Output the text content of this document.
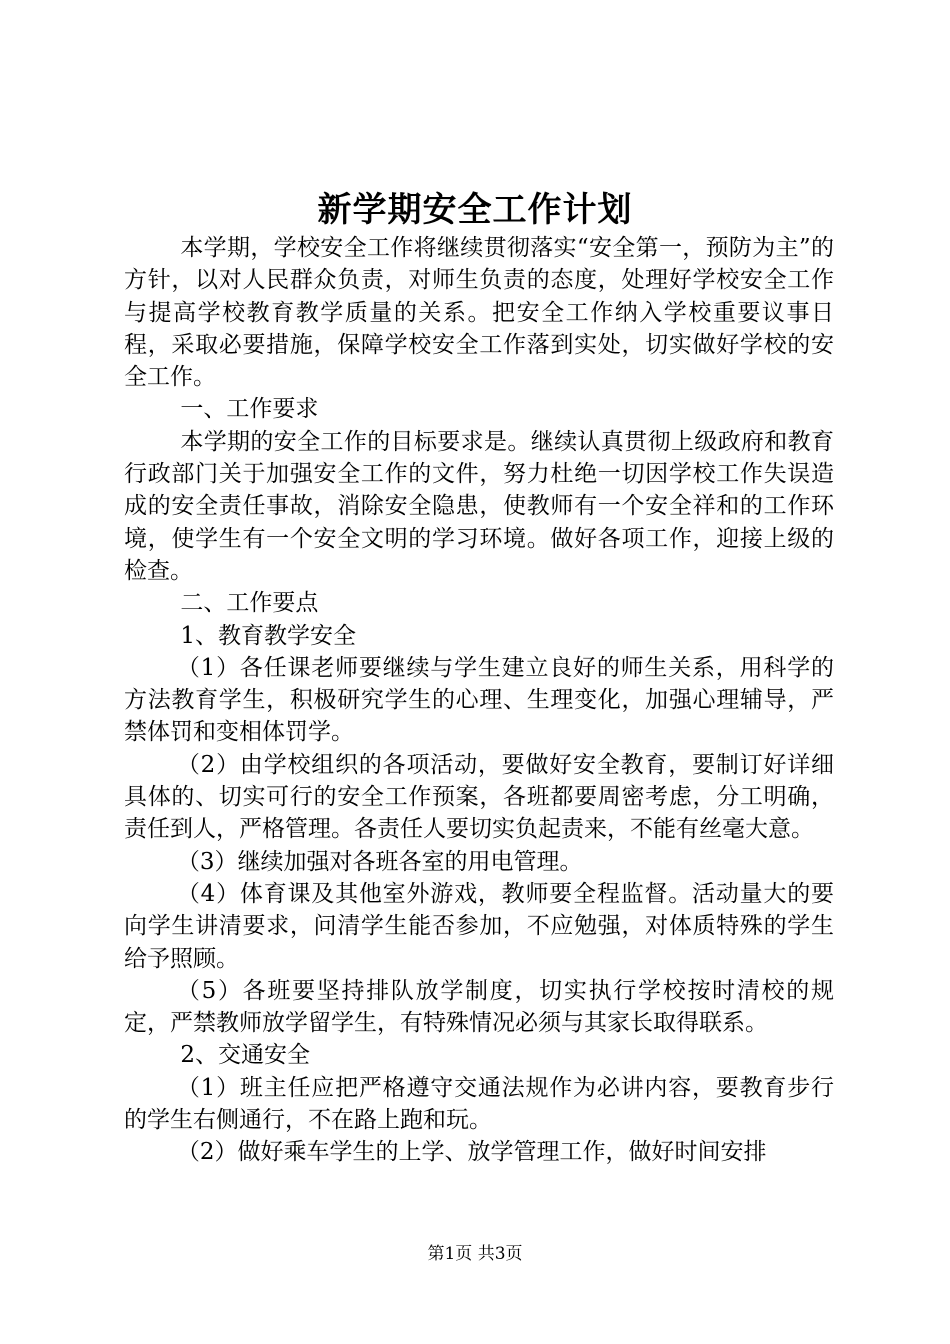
新学期安全工作计划

本学期，学校安全工作将继续贯彻落实“安全第一，预防为主”的方针，以对人民群众负责，对师生负责的态度，处理好学校安全工作与提高学校教育教学质量的关系。把安全工作纳入学校重要议事日程，采取必要措施，保障学校安全工作落到实处，切实做好学校的安全工作。

一、工作要求

本学期的安全工作的目标要求是。继续认真贯彻上级政府和教育行政部门关于加强安全工作的文件，努力杜绝一切因学校工作失误造成的安全责任事故，消除安全隐患，使教师有一个安全祥和的工作环境，使学生有一个安全文明的学习环境。做好各项工作，迎接上级的检查。

二、工作要点

1、教育教学安全

（1）各任课老师要继续与学生建立良好的师生关系，用科学的方法教育学生，积极研究学生的心理、生理变化，加强心理辅导，严禁体罚和变相体罚学。

（2）由学校组织的各项活动，要做好安全教育，要制订好详细具体的、切实可行的安全工作预案，各班都要周密考虑，分工明确，责任到人，严格管理。各责任人要切实负起责来，不能有丝毫大意。

（3）继续加强对各班各室的用电管理。

（4）体育课及其他室外游戏，教师要全程监督。活动量大的要向学生讲清要求，问清学生能否参加，不应勉强，对体质特殊的学生给予照顾。

（5）各班要坚持排队放学制度，切实执行学校按时清校的规定，严禁教师放学留学生，有特殊情况必须与其家长取得联系。

2、交通安全

（1）班主任应把严格遵守交通法规作为必讲内容，要教育步行的学生右侧通行，不在路上跑和玩。

（2）做好乘车学生的上学、放学管理工作，做好时间安排

第1页 共3页
